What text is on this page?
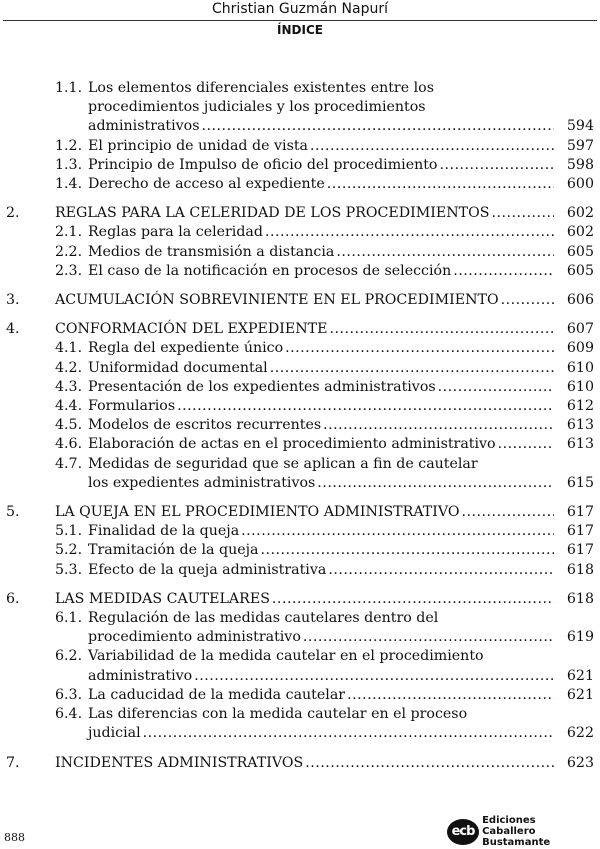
Christian Guzmán Napurí
ÍNDICE
1.1. Los elementos diferenciales existentes entre los
procedimientos judiciales y los procedimientos
administrativos .....	594
1.2. El principio de unidad de vista .....	597
1.3. Principio de Impulso de oficio del procedimiento .....	598
1.4. Derecho de acceso al expediente .....	600
2. REGLAS PARA LA CELERIDAD DE LOS PROCEDIMIENTOS .....	602
2.1. Reglas para la celeridad .....	602
2.2. Medios de transmisión a distancia .....	605
2.3. El caso de la notificación en procesos de selección .....	605
3. ACUMULACIÓN SOBREVINIENTE EN EL PROCEDIMIENTO .....	606
4. CONFORMACIÓN DEL EXPEDIENTE .....	607
4.1. Regla del expediente único .....	609
4.2. Uniformidad documental .....	610
4.3. Presentación de los expedientes administrativos .....	610
4.4. Formularios .....	612
4.5. Modelos de escritos recurrentes .....	613
4.6. Elaboración de actas en el procedimiento administrativo .....	613
4.7. Medidas de seguridad que se aplican a fin de cautelar
los expedientes administrativos .....	615
5. LA QUEJA EN EL PROCEDIMIENTO ADMINISTRATIVO .....	617
5.1. Finalidad de la queja .....	617
5.2. Tramitación de la queja .....	617
5.3. Efecto de la queja administrativa .....	618
6. LAS MEDIDAS CAUTELARES .....	618
6.1. Regulación de las medidas cautelares dentro del
procedimiento administrativo .....	619
6.2. Variabilidad de la medida cautelar en el procedimiento
administrativo .....	621
6.3. La caducidad de la medida cautelar .....	621
6.4. Las diferencias con la medida cautelar en el proceso
judicial .....	622
7. INCIDENTES ADMINISTRATIVOS .....	623
888	ecb
Ediciones
Caballero Bustamante
